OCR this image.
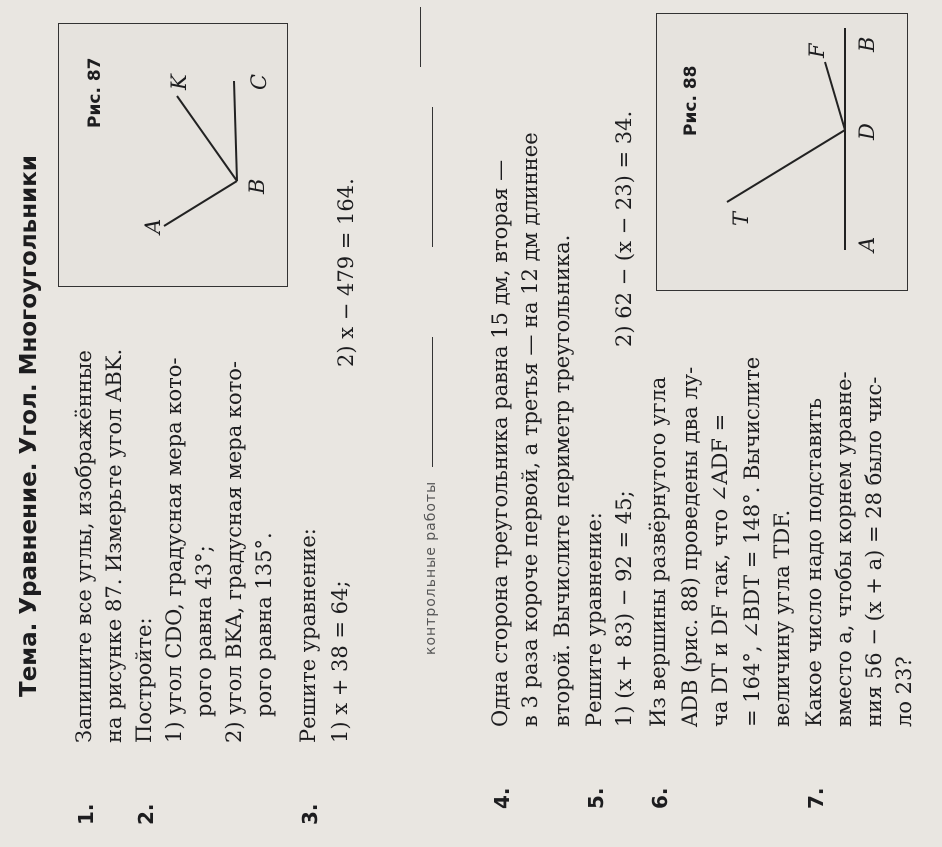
Тема. Уравнение. Угол. Многоугольники
1.
Запишите все углы, изображённые на рисунке 87. Измерьте угол ABK.
2.
Постройте: 1) угол CDO, градусная мера кото- рого равна 43°; 2) угол BKA, градусная мера кото- рого равна 135°.
3.
Решите уравнение: 1) x + 38 = 64;
2) x − 479 = 164.
Рис. 87
A
B
C
K
контрольные работы
4.
Одна сторона треугольника равна 15 дм, вторая — в 3 раза короче первой, а третья — на 12 дм длиннее второй. Вычислите периметр треугольника.
5.
Решите уравнение: 1) (x + 83) − 92 = 45;
2) 62 − (x − 23) = 34.
6.
Из вершины развёрнутого угла ADB (рис. 88) проведены два лу- ча DT и DF так, что ∠ADF = = 164°, ∠BDT = 148°. Вычислите величину угла TDF.
7.
Какое число надо подставить вместо a, чтобы корнем уравне- ния 56 − (x + a) = 28 было чис- ло 23?
Рис. 88
A
B
D
F
T
